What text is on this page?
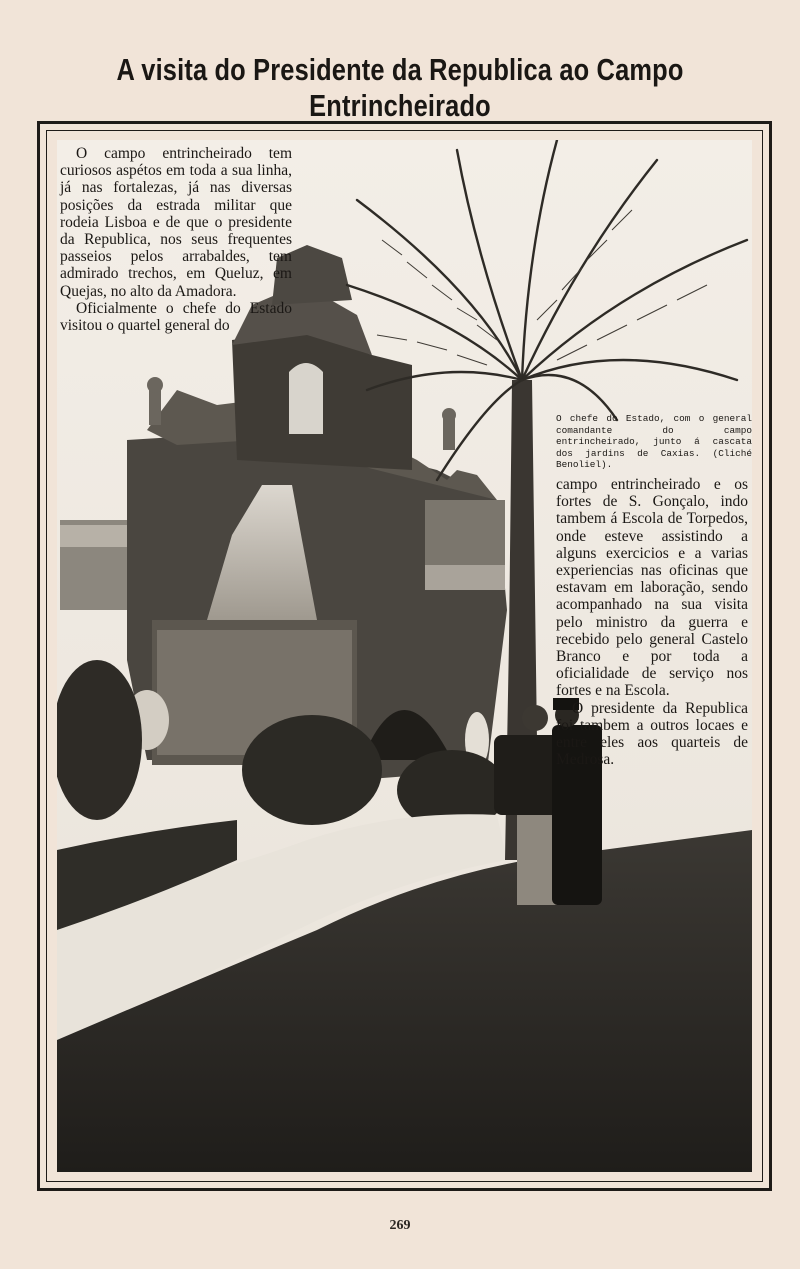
A visita do Presidente da Republica ao Campo Entrincheirado

O campo entrincheirado tem curiosos aspétos em toda a sua linha, já nas fortalezas, já nas diversas posições da estrada militar que rodeia Lisboa e de que o presidente da Republica, nos seus frequentes passeios pelos arrabaldes, tem admirado trechos, em Queluz, em Quejas, no alto da Amadora.

Oficialmente o chefe do Estado visitou o quartel general do

O chefe do Estado, com o general comandante do campo entrincheirado, junto á cascata dos jardins de Caxias. (Cliché Benoliel).

campo entrincheirado e os fortes de S. Gonçalo, indo tambem á Escola de Torpedos, onde esteve assistindo a alguns exercicios e a varias experiencias nas oficinas que estavam em laboração, sendo acompanhado na sua visita pelo ministro da guerra e recebido pelo general Castelo Branco e por toda a oficialidade de serviço nos fortes e na Escola.

O presidente da Republica foi tambem a outros locaes e entre eles aos quarteis de Medrosa.

269
